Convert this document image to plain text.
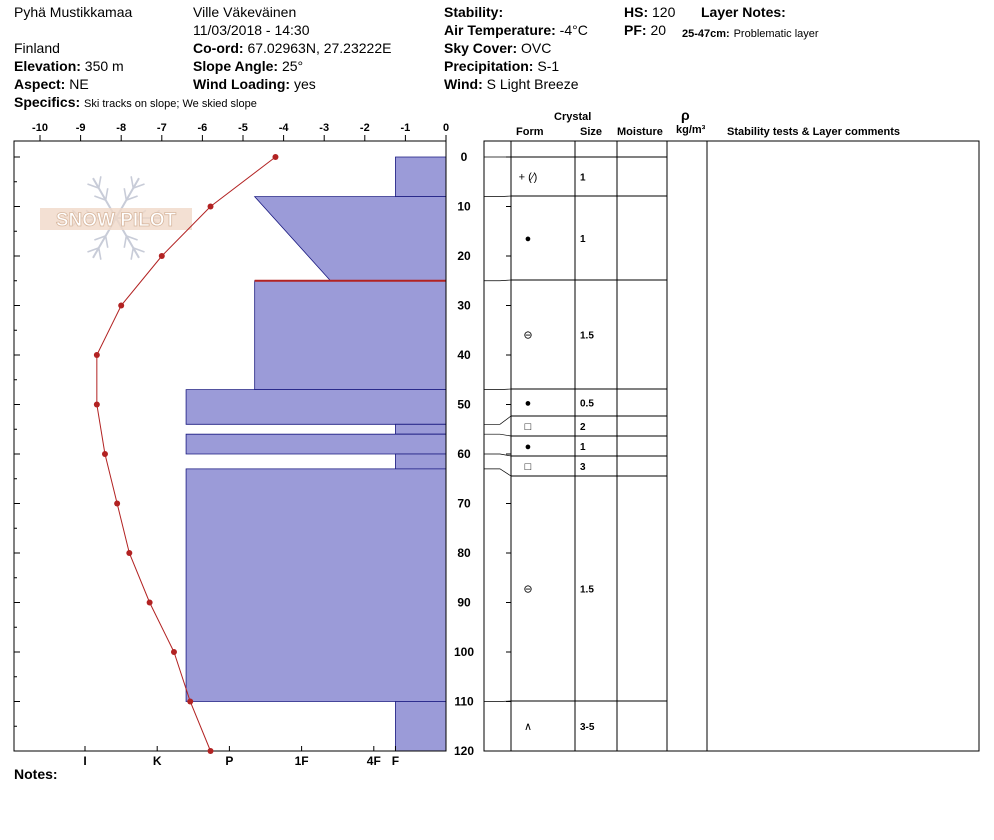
Pyhä Mustikkamaa	Ville Väkeväinen
11/03/2018 - 14:30
Finland	Co-ord: 67.02963N, 27.23222E
Elevation: 350 m	Slope Angle: 25°
Aspect: NE	Wind Loading: yes
Specifics: Ski tracks on slope; We skied slope
Stability:
Air Temperature: -4°C
Sky Cover: OVC
Precipitation: S-1
Wind: S Light Breeze
HS: 120
PF: 20
Layer Notes:
25-47cm: Problematic layer
Notes:
Crystal
Form	Size Moisture
ρ
kg/m³ Stability tests & Layer comments
SNOW PILOT
-10	-9	-8	-7	-6	-5	-4	-3	-2	-1	0
0
10
20
30
40
50
60
70
80
90
100
110
120
I	K	P	1F	4F F
+ (⁄)	1
●	1
⊖	1.5
●	0.5
□	2
●	1
□	3
⊖	1.5
∧	3-5
